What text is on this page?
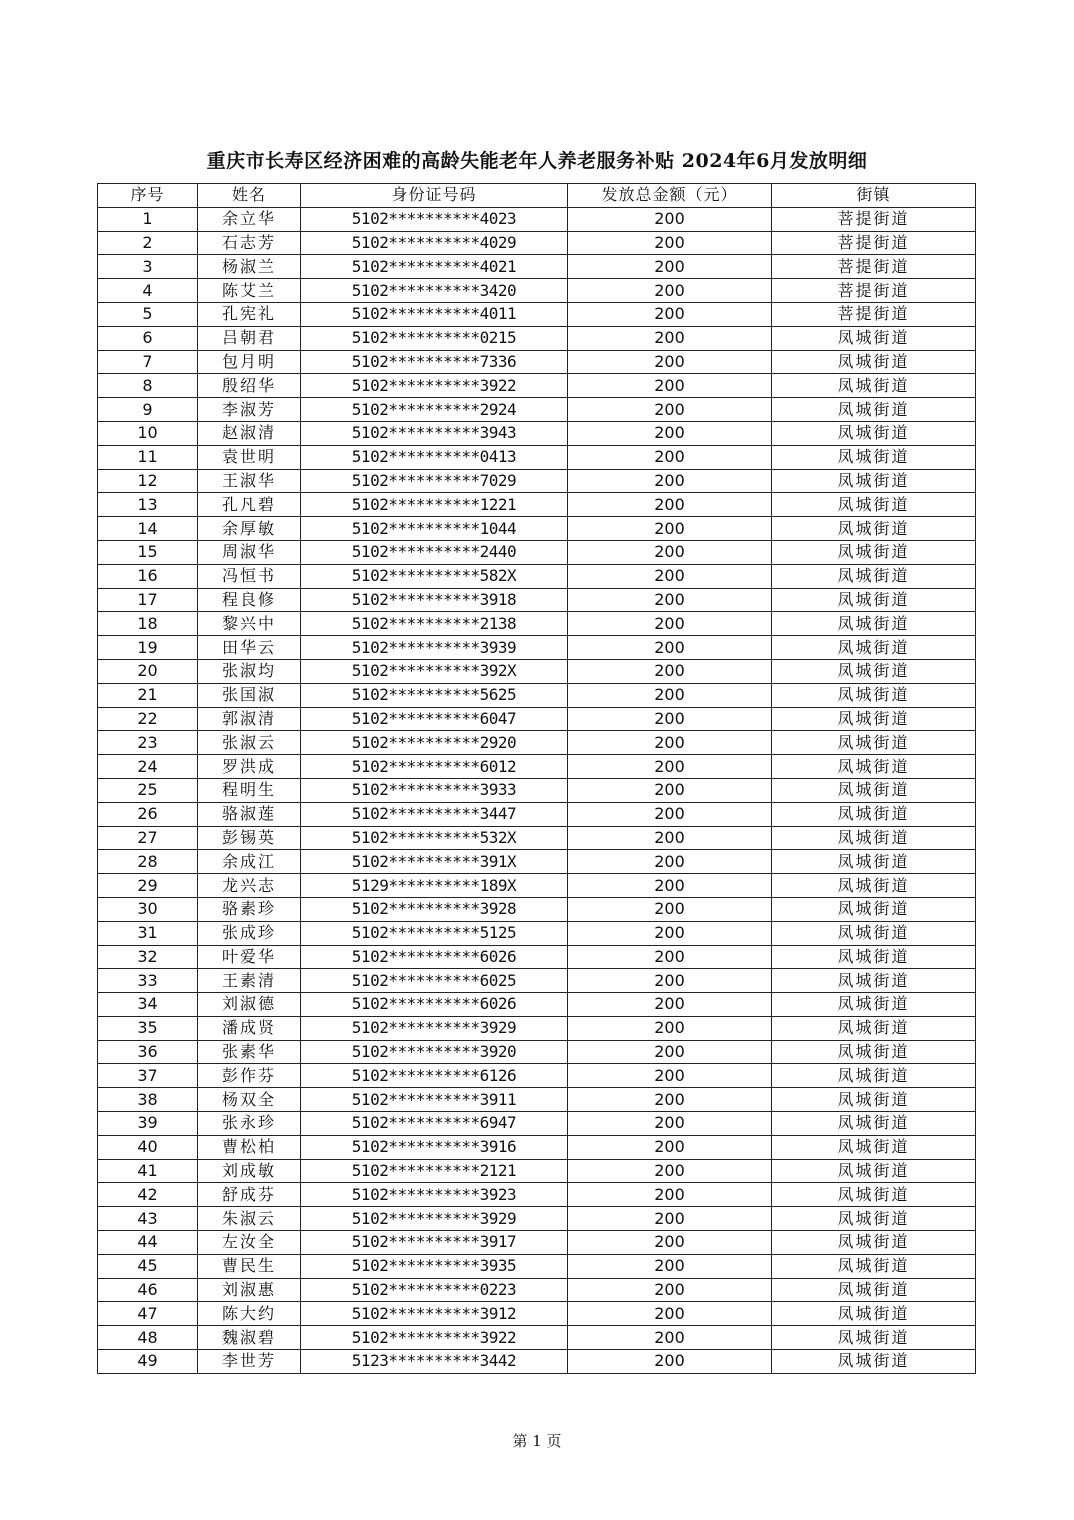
重庆市长寿区经济困难的高龄失能老年人养老服务补贴 2024年6月发放明细
序号	姓名	身份证号码	发放总金额（元）	街镇
1	余立华	5102**********4023	200	菩提街道
2	石志芳	5102**********4029	200	菩提街道
3	杨淑兰	5102**********4021	200	菩提街道
4	陈艾兰	5102**********3420	200	菩提街道
5	孔宪礼	5102**********4011	200	菩提街道
6	吕朝君	5102**********0215	200	凤城街道
7	包月明	5102**********7336	200	凤城街道
8	殷绍华	5102**********3922	200	凤城街道
9	李淑芳	5102**********2924	200	凤城街道
10	赵淑清	5102**********3943	200	凤城街道
11	袁世明	5102**********0413	200	凤城街道
12	王淑华	5102**********7029	200	凤城街道
13	孔凡碧	5102**********1221	200	凤城街道
14	余厚敏	5102**********1044	200	凤城街道
15	周淑华	5102**********2440	200	凤城街道
16	冯恒书	5102**********582X	200	凤城街道
17	程良修	5102**********3918	200	凤城街道
18	黎兴中	5102**********2138	200	凤城街道
19	田华云	5102**********3939	200	凤城街道
20	张淑均	5102**********392X	200	凤城街道
21	张国淑	5102**********5625	200	凤城街道
22	郭淑清	5102**********6047	200	凤城街道
23	张淑云	5102**********2920	200	凤城街道
24	罗洪成	5102**********6012	200	凤城街道
25	程明生	5102**********3933	200	凤城街道
26	骆淑莲	5102**********3447	200	凤城街道
27	彭锡英	5102**********532X	200	凤城街道
28	余成江	5102**********391X	200	凤城街道
29	龙兴志	5129**********189X	200	凤城街道
30	骆素珍	5102**********3928	200	凤城街道
31	张成珍	5102**********5125	200	凤城街道
32	叶爱华	5102**********6026	200	凤城街道
33	王素清	5102**********6025	200	凤城街道
34	刘淑德	5102**********6026	200	凤城街道
35	潘成贤	5102**********3929	200	凤城街道
36	张素华	5102**********3920	200	凤城街道
37	彭作芬	5102**********6126	200	凤城街道
38	杨双全	5102**********3911	200	凤城街道
39	张永珍	5102**********6947	200	凤城街道
40	曹松柏	5102**********3916	200	凤城街道
41	刘成敏	5102**********2121	200	凤城街道
42	舒成芬	5102**********3923	200	凤城街道
43	朱淑云	5102**********3929	200	凤城街道
44	左汝全	5102**********3917	200	凤城街道
45	曹民生	5102**********3935	200	凤城街道
46	刘淑惠	5102**********0223	200	凤城街道
47	陈大约	5102**********3912	200	凤城街道
48	魏淑碧	5102**********3922	200	凤城街道
49	李世芳	5123**********3442	200	凤城街道
第 1 页
